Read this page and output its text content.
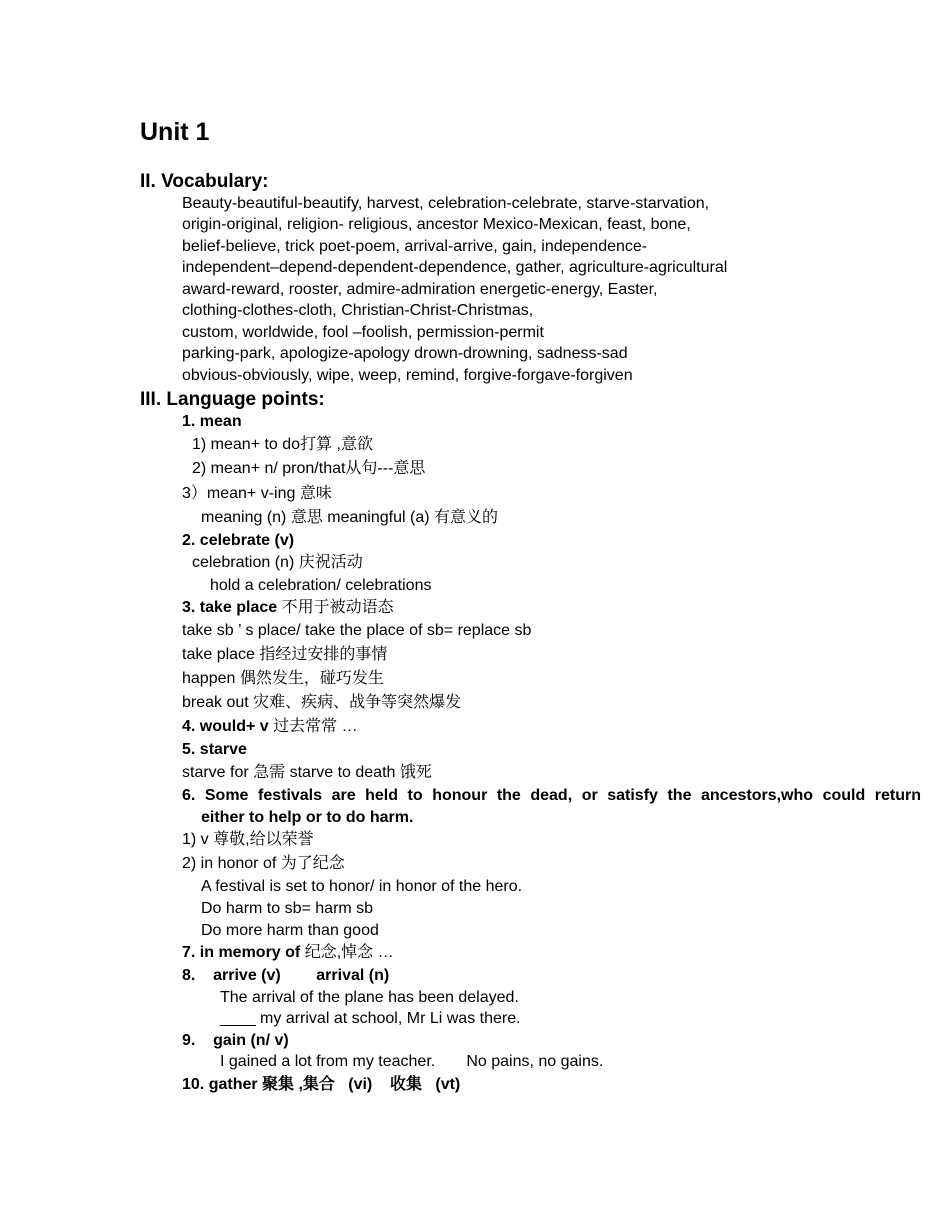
Unit 1
II. Vocabulary:
Beauty-beautiful-beautify, harvest, celebration-celebrate, starve-starvation,
origin-original, religion- religious, ancestor Mexico-Mexican, feast, bone,
belief-believe, trick poet-poem, arrival-arrive, gain, independence-
independent–depend-dependent-dependence, gather, agriculture-agricultural
award-reward, rooster, admire-admiration energetic-energy, Easter,
clothing-clothes-cloth, Christian-Christ-Christmas,
custom, worldwide, fool –foolish, permission-permit
parking-park, apologize-apology drown-drowning, sadness-sad
obvious-obviously, wipe, weep, remind, forgive-forgave-forgiven
III. Language points:
1. mean
1) mean+ to do打算 ,意欲
2) mean+ n/ pron/that从句---意思
3）mean+ v-ing 意味
meaning (n) 意思 meaningful (a) 有意义的
2. celebrate (v)
celebration (n) 庆祝活动
hold a celebration/ celebrations
3. take place 不用于被动语态
take sb ’ s place/ take the place of sb= replace sb
take place 指经过安排的事情
happen 偶然发生，碰巧发生
break out 灾难、疾病、战争等突然爆发
4. would+ v 过去常常 …
5. starve
starve for 急需 starve to death 饿死
6. Some festivals are held to honour the dead, or satisfy the ancestors,who could return
either to help or to do harm.
1) v 尊敬,给以荣誉
2) in honor of 为了纪念
A festival is set to honor/ in honor of the hero.
Do harm to sb= harm sb
Do more harm than good
7. in memory of 纪念,悼念 …
8.    arrive (v)        arrival (n)
The arrival of the plane has been delayed.
____ my arrival at school, Mr Li was there.
9.    gain (n/ v)
I gained a lot from my teacher.       No pains, no gains.
10. gather 聚集 ,集合   (vi)    收集   (vt)
